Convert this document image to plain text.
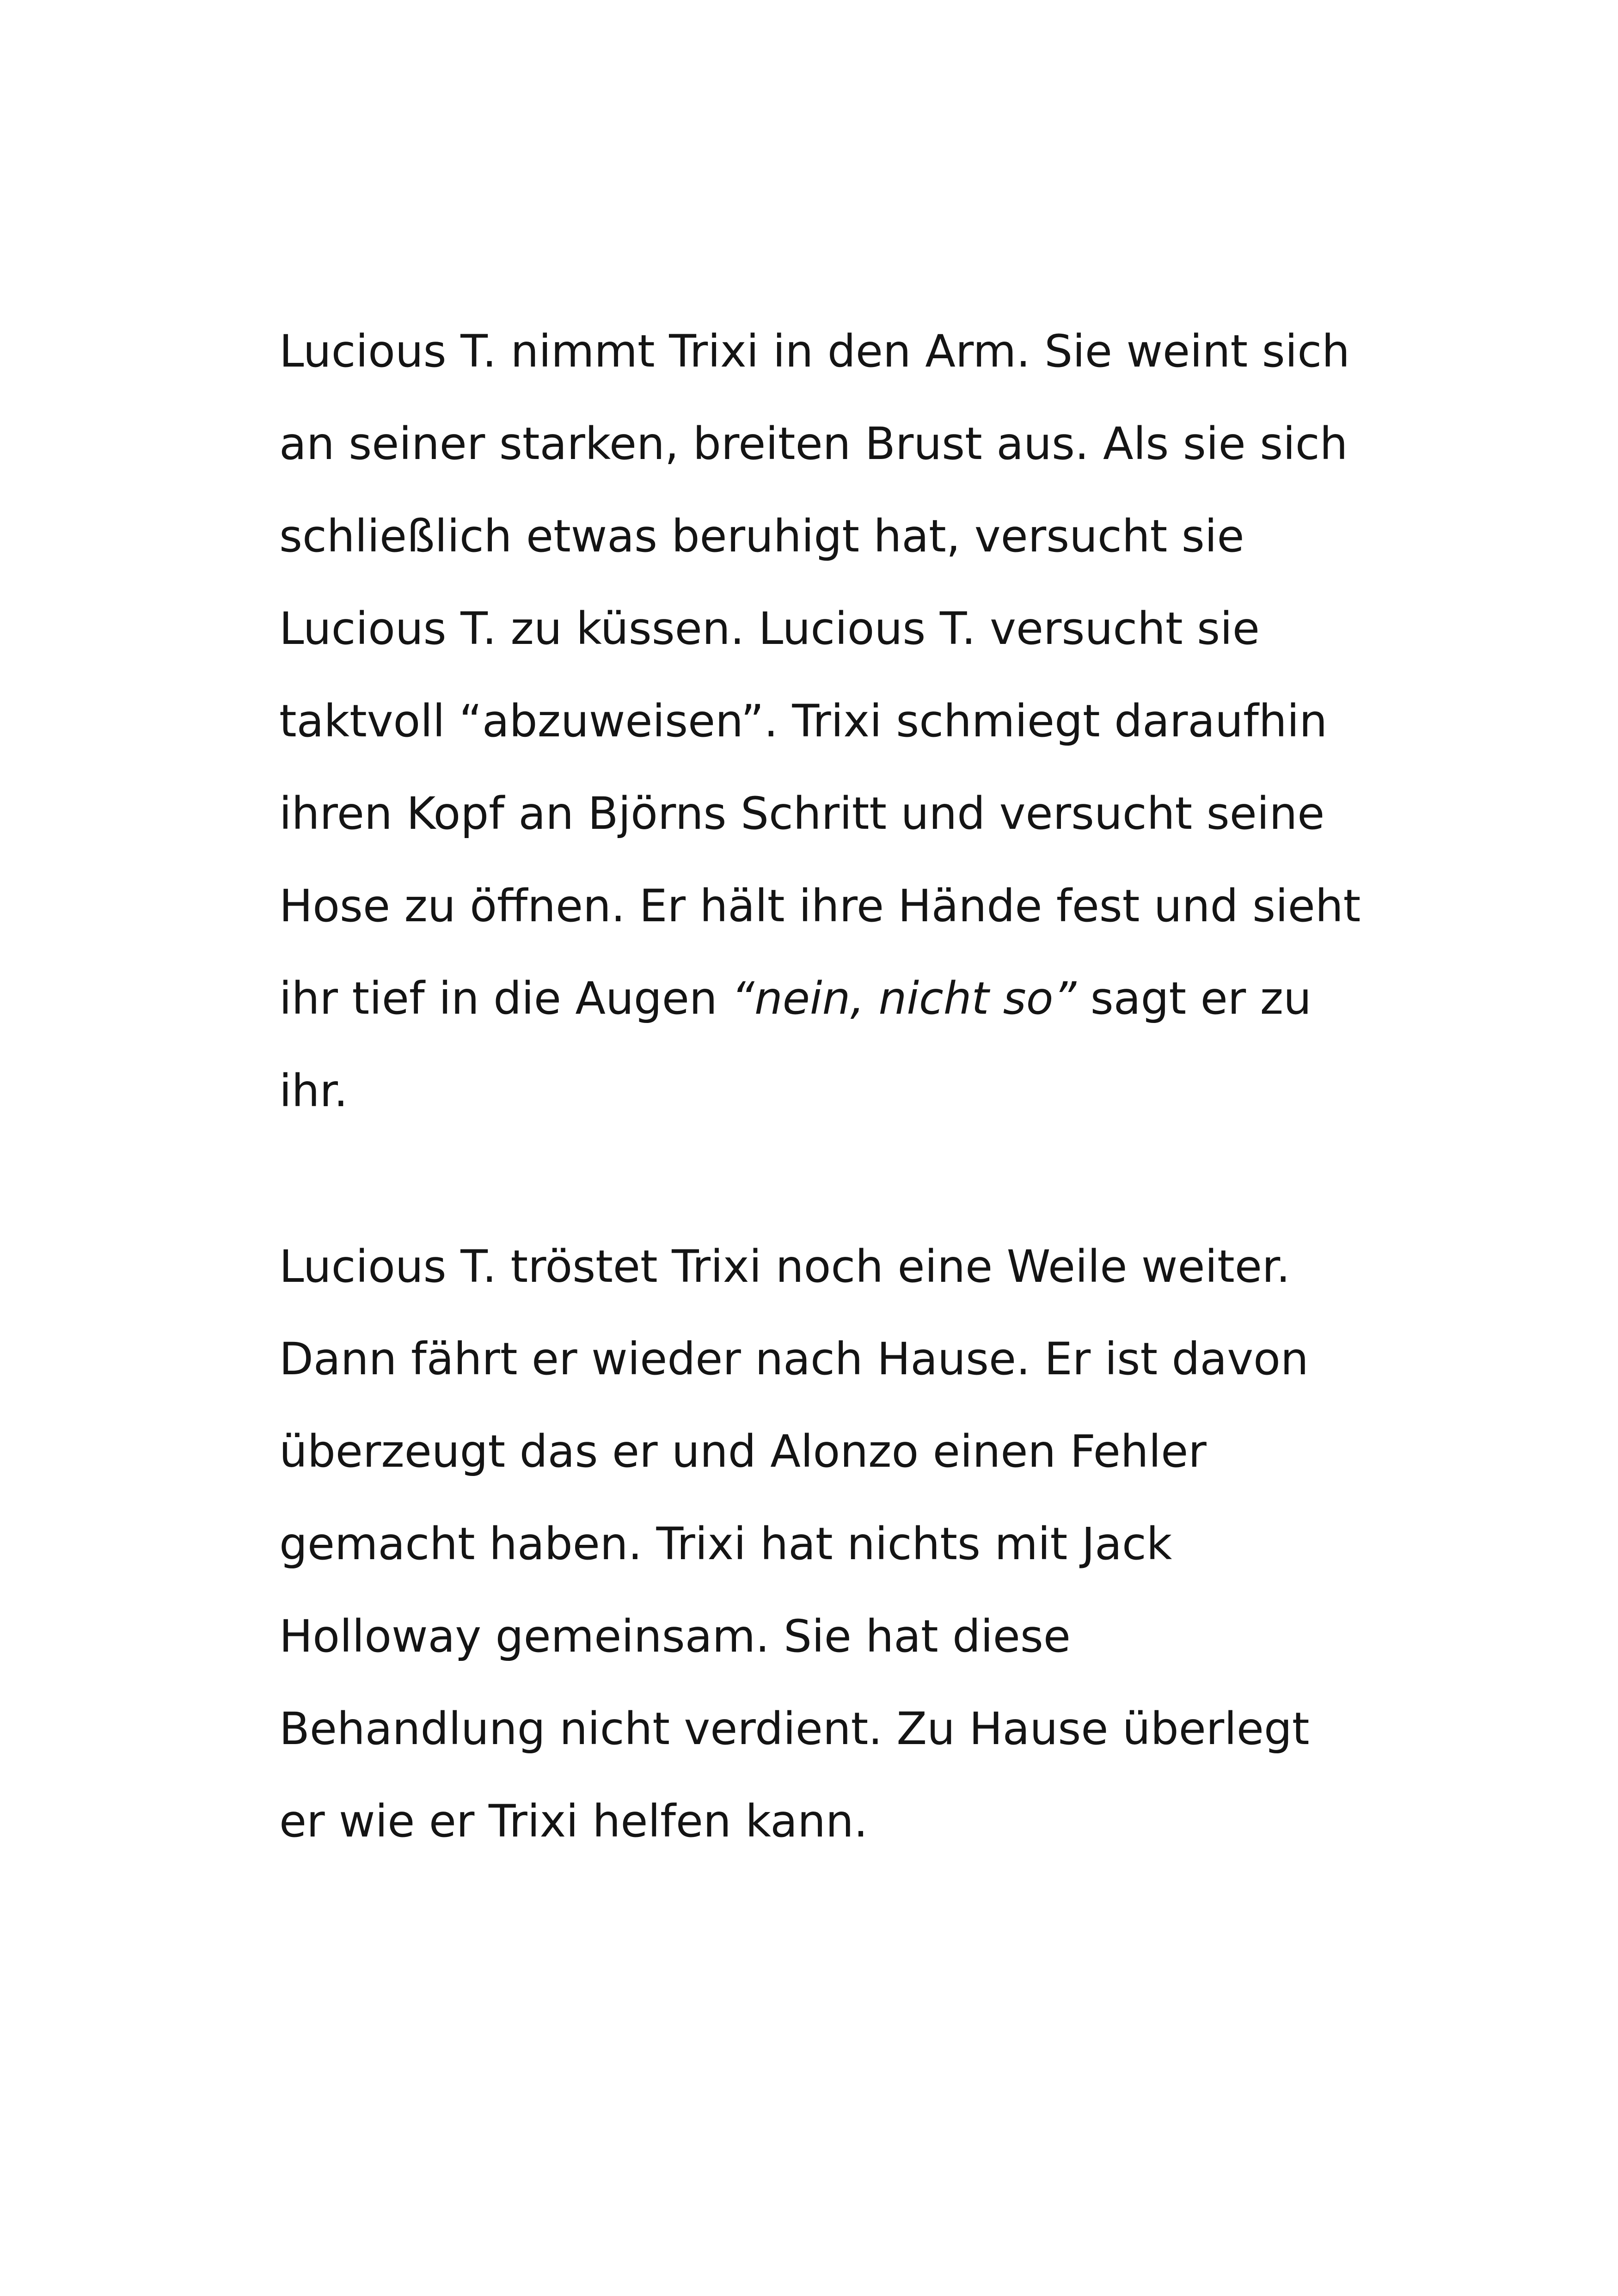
Lucious T. nimmt Trixi in den Arm. Sie weint sich
an seiner starken, breiten Brust aus. Als sie sich
schließlich etwas beruhigt hat, versucht sie
Lucious T. zu küssen. Lucious T. versucht sie
taktvoll “abzuweisen”. Trixi schmiegt daraufhin
ihren Kopf an Björns Schritt und versucht seine
Hose zu öffnen. Er hält ihre Hände fest und sieht
ihr tief in die Augen “nein, nicht so” sagt er zu
ihr.

Lucious T. tröstet Trixi noch eine Weile weiter.
Dann fährt er wieder nach Hause. Er ist davon
überzeugt das er und Alonzo einen Fehler
gemacht haben. Trixi hat nichts mit Jack
Holloway gemeinsam. Sie hat diese
Behandlung nicht verdient. Zu Hause überlegt
er wie er Trixi helfen kann.
